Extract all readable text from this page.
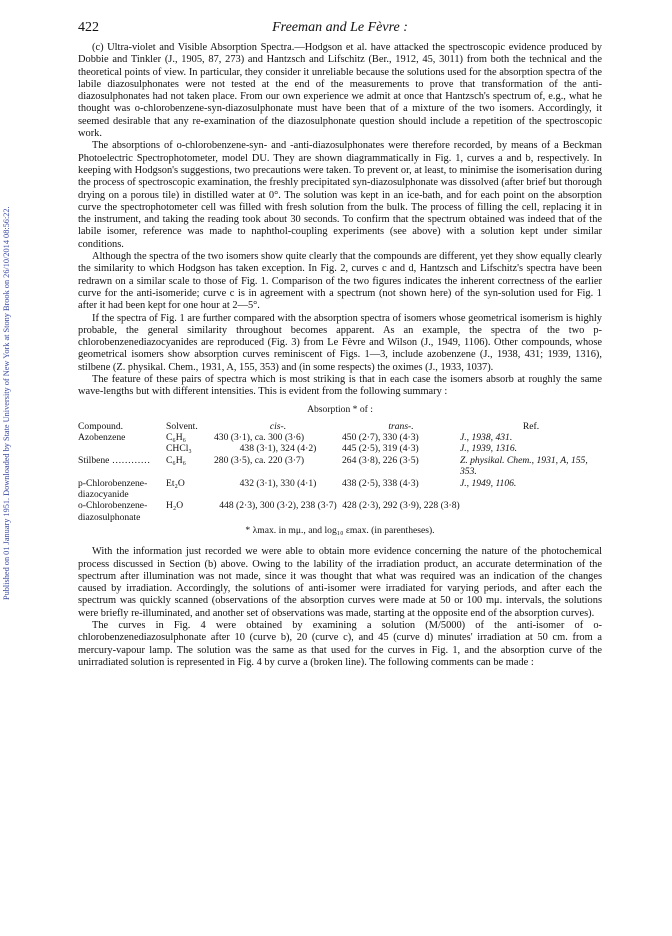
Published on 01 January 1951. Downloaded by State University of New York at Stony Brook on 26/10/2014 08:56:22.
422	Freeman and Le Fèvre :

(c) Ultra-violet and Visible Absorption Spectra.—Hodgson et al. have attacked the spectroscopic evidence produced by Dobbie and Tinkler (J., 1905, 87, 273) and Hantzsch and Lifschitz (Ber., 1912, 45, 3011) from both the technical and the theoretical points of view. In particular, they consider it unreliable because the solutions used for the absorption spectra of the labile diazosulphonates were not tested at the end of the measurements to prove that transformation of the anti-diazosulphonates had not taken place. From our own experience we admit at once that Hantzsch's spectrum of, e.g., what he thought was o-chlorobenzene-syn-diazosulphonate must have been that of a mixture of the two isomers. Accordingly, it seemed desirable that any re-examination of the diazosulphonate question should include a repetition of the spectroscopic work.

The absorptions of o-chlorobenzene-syn- and -anti-diazosulphonates were therefore recorded, by means of a Beckman Photoelectric Spectrophotometer, model DU. They are shown diagrammatically in Fig. 1, curves a and b, respectively. In keeping with Hodgson's suggestions, two precautions were taken. To prevent or, at least, to minimise the isomerisation during the process of spectroscopic examination, the freshly precipitated syn-diazosulphonate was dissolved (after brief but thorough drying on a porous tile) in distilled water at 0°. The solution was kept in an ice-bath, and for each point on the absorption curve the spectrophotometer cell was filled with fresh solution from the bulk. The process of filling the cell, replacing it in the instrument, and taking the reading took about 30 seconds. To confirm that the spectrum obtained was indeed that of the labile isomer, reference was made to naphthol-coupling experiments (see above) with a solution kept under similar conditions.

Although the spectra of the two isomers show quite clearly that the compounds are different, yet they show equally clearly the similarity to which Hodgson has taken exception. In Fig. 2, curves c and d, Hantzsch and Lifschitz's spectra have been redrawn on a similar scale to those of Fig. 1. Comparison of the two figures indicates the inherent correctness of the earlier curve for the anti-isomeride; curve c is in agreement with a spectrum (not shown here) of the syn-solution used for Fig. 1 after it had been kept for one hour at 2—5°.

If the spectra of Fig. 1 are further compared with the absorption spectra of isomers whose geometrical isomerism is highly probable, the general similarity throughout becomes apparent. As an example, the spectra of the two p-chlorobenzenediazocyanides are reproduced (Fig. 3) from Le Fèvre and Wilson (J., 1949, 1106). Other compounds, whose geometrical isomers show absorption curves reminiscent of Figs. 1—3, include azobenzene (J., 1938, 431; 1939, 1316), stilbene (Z. physikal. Chem., 1931, A, 155, 353) and (in some respects) the oximes (J., 1933, 1037).

The feature of these pairs of spectra which is most striking is that in each case the isomers absorb at roughly the same wave-lengths but with different intensities. This is evident from the following summary :

Absorption * of :
Compound.	Solvent.	cis-.	trans-.	Ref.
Azobenzene	C₆H₆	430 (3·1), ca. 300 (3·6)	450 (2·7), 330 (4·3)	J., 1938, 431.
	CHCl₃	438 (3·1), 324 (4·2)	445 (2·5), 319 (4·3)	J., 1939, 1316.
Stilbene …………	C₆H₆	280 (3·5), ca. 220 (3·7)	264 (3·8), 226 (3·5)	Z. physikal. Chem., 1931, A, 155, 353.
p-Chlorobenzene-diazocyanide	Et₂O	432 (3·1), 330 (4·1)	438 (2·5), 338 (4·3)	J., 1949, 1106.
o-Chlorobenzene-diazosulphonate	H₂O	448 (2·3), 300 (3·2), 238 (3·7)	428 (2·3), 292 (3·9), 228 (3·8)	
* λmax. in mμ., and log₁₀ εmax. (in parentheses).

With the information just recorded we were able to obtain more evidence concerning the nature of the photochemical process discussed in Section (b) above. Owing to the lability of the irradiation product, an accurate determination of the spectrum after illumination was not made, since it was thought that what was required was an indication of the changes caused by irradiation. Accordingly, the solutions of anti-isomer were irradiated for varying periods, and after each the spectrum was quickly scanned (observations of the absorption curves were made at 50 or 100 mμ. intervals, the solutions were briefly re-illuminated, and another set of observations was made, starting at the opposite end of the absorption curves).

The curves in Fig. 4 were obtained by examining a solution (M/5000) of the anti-isomer of o-chlorobenzenediazosulphonate after 10 (curve b), 20 (curve c), and 45 (curve d) minutes' irradiation at 50 cm. from a mercury-vapour lamp. The solution was the same as that used for the curves in Fig. 1, and the absorption curve of the unirradiated solution is represented in Fig. 4 by curve a (broken line). The following comments can be made :
